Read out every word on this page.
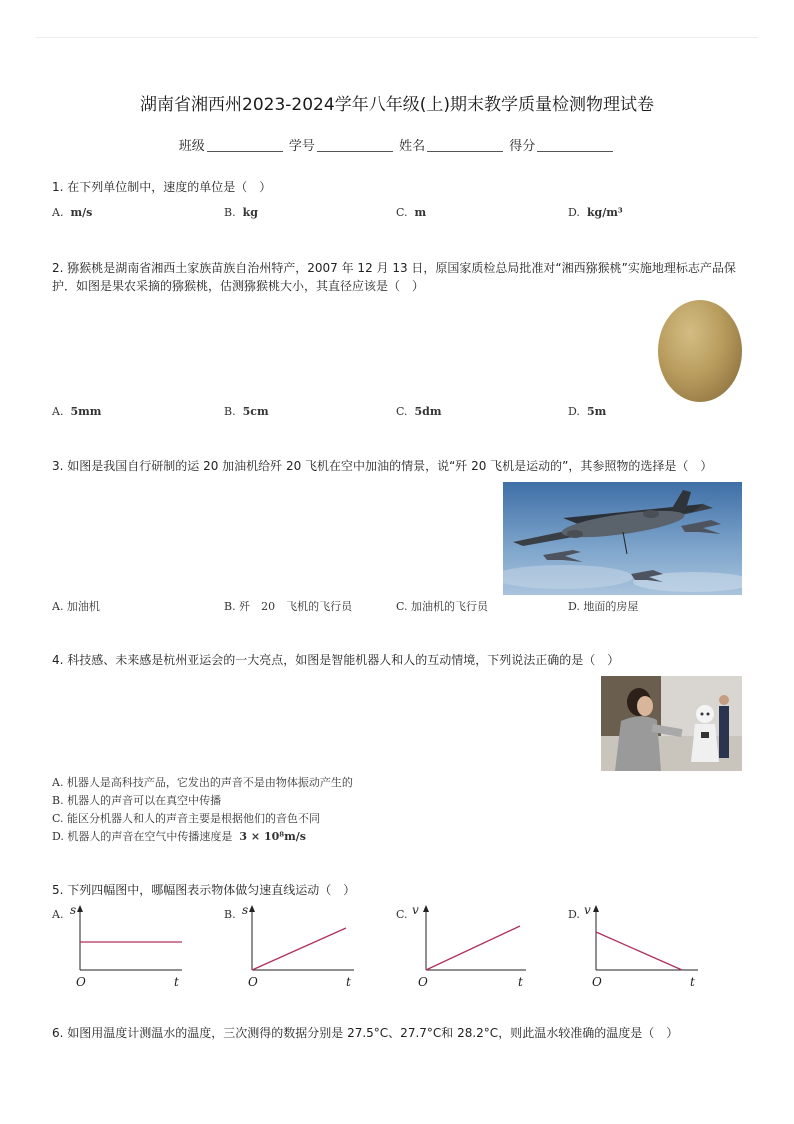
湖南省湘西州2023-2024学年八年级(上)期末教学质量检测物理试卷
班级	学号	姓名	得分
1. 在下列单位制中，速度的单位是（　）
A. m/s	B. kg	C. m	D. kg/m³
2. 猕猴桃是湖南省湘西土家族苗族自治州特产，2007 年 12 月 13 日，原国家质检总局批准对“湘西猕猴桃”实施地理标志产品保
护．如图是果农采摘的猕猴桃，估测猕猴桃大小，其直径应该是（　）
A. 5mm	B. 5cm	C. 5dm	D. 5m
3. 如图是我国自行研制的运 20 加油机给歼 20 飞机在空中加油的情景，说“歼 20 飞机是运动的”，其参照物的选择是（　）
A. 加油机	B. 歼　20　飞机的飞行员	C. 加油机的飞行员	D. 地面的房屋
4. 科技感、未来感是杭州亚运会的一大亮点，如图是智能机器人和人的互动情境，下列说法正确的是（　）
A. 机器人是高科技产品，它发出的声音不是由物体振动产生的
B. 机器人的声音可以在真空中传播
C. 能区分机器人和人的声音主要是根据他们的音色不同
D. 机器人的声音在空气中传播速度是 3 × 10⁸m/s
5. 下列四幅图中，哪幅图表示物体做匀速直线运动（　）
A. s
O	t
B. s
O	t
C. v
O	t
D. v
O	t
6. 如图用温度计测温水的温度，三次测得的数据分别是 27.5°C、27.7°C和 28.2°C，则此温水较准确的温度是（　）
